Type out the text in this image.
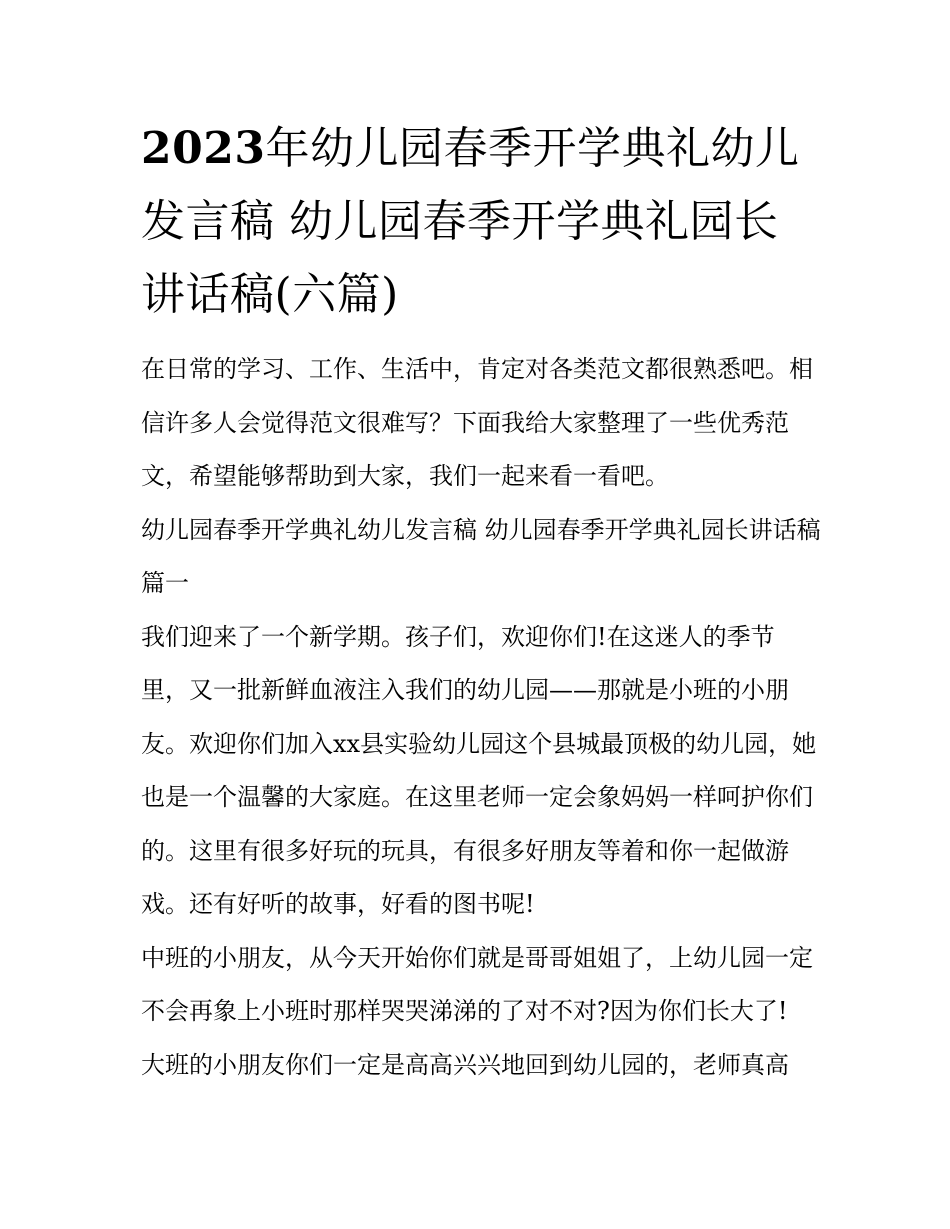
2023年幼儿园春季开学典礼幼儿发言稿 幼儿园春季开学典礼园长讲话稿(六篇)

在日常的学习、工作、生活中，肯定对各类范文都很熟悉吧。相信许多人会觉得范文很难写？下面我给大家整理了一些优秀范文，希望能够帮助到大家，我们一起来看一看吧。

幼儿园春季开学典礼幼儿发言稿 幼儿园春季开学典礼园长讲话稿篇一

我们迎来了一个新学期。孩子们，欢迎你们!在这迷人的季节里，又一批新鲜血液注入我们的幼儿园——那就是小班的小朋友。欢迎你们加入xx县实验幼儿园这个县城最顶极的幼儿园，她也是一个温馨的大家庭。在这里老师一定会象妈妈一样呵护你们的。这里有很多好玩的玩具，有很多好朋友等着和你一起做游戏。还有好听的故事，好看的图书呢!

中班的小朋友，从今天开始你们就是哥哥姐姐了，上幼儿园一定不会再象上小班时那样哭哭涕涕的了对不对?因为你们长大了!

大班的小朋友你们一定是高高兴兴地回到幼儿园的，老师真高
